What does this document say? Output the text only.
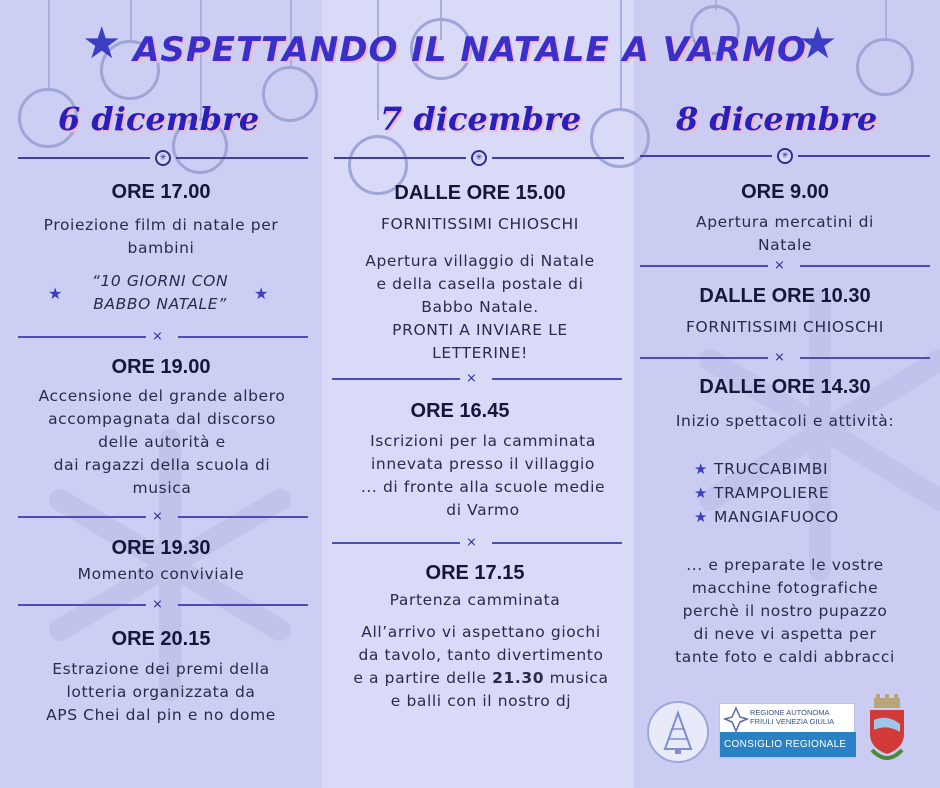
★	★
ASPETTANDO IL NATALE A VARMO
6 dicembre	7 dicembre	8 dicembre
✳	✳	✳
ORE 17.00
Proiezione film di natale per
bambini
★	★
“10 GIORNI CON
BABBO NATALE”
⨯
ORE 19.00
Accensione del grande albero
accompagnata dal discorso
delle autorità e
dai ragazzi della scuola di
musica
⨯
ORE 19.30
Momento conviviale
⨯
ORE 20.15
Estrazione dei premi della
lotteria organizzata da
APS Chei dal pin e no dome
DALLE ORE 15.00
FORNITISSIMI CHIOSCHI
Apertura villaggio di Natale
e della casella postale di
Babbo Natale.
PRONTI A INVIARE LE
LETTERINE!
⨯
ORE 16.45
Iscrizioni per la camminata
innevata presso il villaggio
... di fronte alla scuole medie
di Varmo
⨯
ORE 17.15
Partenza camminata
All’arrivo vi aspettano giochi
da tavolo, tanto divertimento
e a partire delle 21.30 musica
e balli con il nostro dj
ORE 9.00
Apertura mercatini di
Natale
⨯
DALLE ORE 10.30
FORNITISSIMI CHIOSCHI
⨯
DALLE ORE 14.30
Inizio spettacoli e attività:
★ TRUCCABIMBI
★ TRAMPOLIERE
★ MANGIAFUOCO
... e preparate le vostre
macchine fotografiche
perchè il nostro pupazzo
di neve vi aspetta per
tante foto e caldi abbracci
REGIONE AUTONOMA
FRIULI VENEZIA GIULIA
CONSIGLIO REGIONALE
